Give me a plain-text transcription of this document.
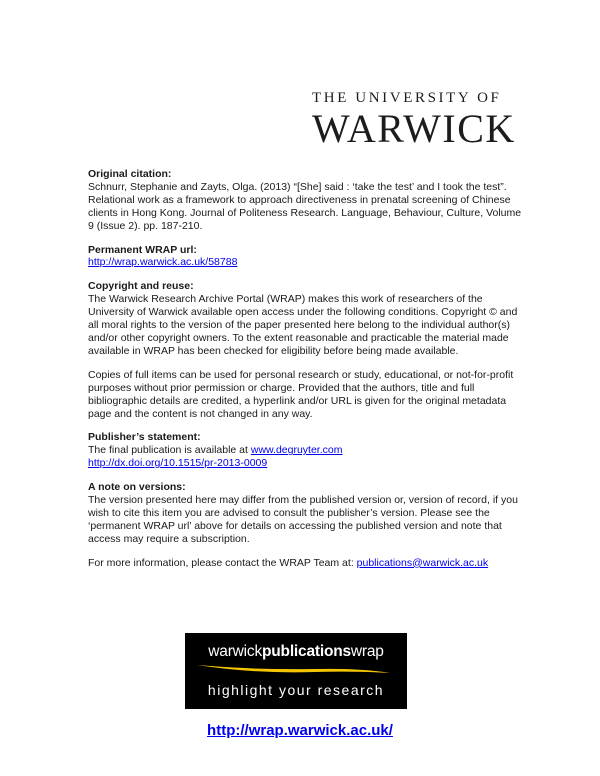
THE UNIVERSITY OF
WARWICK

Original citation:

Schnurr, Stephanie and Zayts, Olga. (2013) “[She] said : ‘take the test’ and I took the test”. Relational work as a framework to approach directiveness in prenatal screening of Chinese clients in Hong Kong. Journal of Politeness Research. Language, Behaviour, Culture, Volume 9 (Issue 2). pp. 187-210.

Permanent WRAP url:

http://wrap.warwick.ac.uk/58788

Copyright and reuse:

The Warwick Research Archive Portal (WRAP) makes this work of researchers of the University of Warwick available open access under the following conditions. Copyright © and all moral rights to the version of the paper presented here belong to the individual author(s) and/or other copyright owners. To the extent reasonable and practicable the material made available in WRAP has been checked for eligibility before being made available.

Copies of full items can be used for personal research or study, educational, or not-for-profit purposes without prior permission or charge. Provided that the authors, title and full bibliographic details are credited, a hyperlink and/or URL is given for the original metadata page and the content is not changed in any way.

Publisher’s statement:

The final publication is available at www.degruyter.com

http://dx.doi.org/10.1515/pr-2013-0009

A note on versions:

The version presented here may differ from the published version or, version of record, if you wish to cite this item you are advised to consult the publisher’s version. Please see the ‘permanent WRAP url’ above for details on accessing the published version and note that access may require a subscription.

For more information, please contact the WRAP Team at: publications@warwick.ac.uk

warwickpublicationswrap
highlight your research
http://wrap.warwick.ac.uk/
